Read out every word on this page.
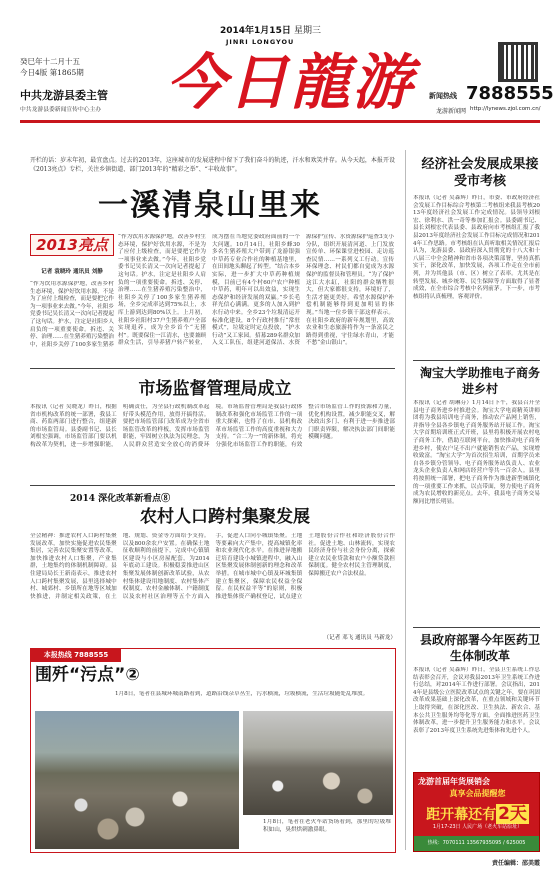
2014年1月15日 星期三
JINRI LONGYOU
癸巳年十二月十五
今日4版 第1865期
中共龙游县委主管
中共龙游县委新闻宣传中心主办	今日龍游	新闻热线 7888555
龙游新闻网 http://lynews.zjol.com.cn/
开栏的话：岁末年初，最宜盘点。过去的2013年，这座城市的发展进程中留下了我们奋斗的轨迹，汗水和欢笑并存。从今天起，本报开设《2013亮点》专栏，关注乡镇街道、部门2013年的“精彩之举”、“丰收故事”。
一溪清泉山里来
2013亮点
记者 袁晓玲 通讯员 刘静
“作为饮用水源保护地，改善乡村生态环境，保护好饮用水源，不是为了应付上级检查，而是要把它作为一项事业来去做。”今年，社阳乡党委书记吴长清又一次向记者提起了这句话。护水，注定是社阳乡人肩负的一项重要使命。拆违、关停、治理……在生猪养殖污染整治中，社阳乡关停了100多家生猪养
“作为饮用水源保护地，改善乡村生态环境，保护好饮用水源，不是为了应付上级检查，而是要把它作为一项事业来去做。”今年，社阳乡党委书记吴长清又一次向记者提起了这句话。护水，注定是社阳乡人肩负的一项重要使命。拆违、关停、治理……在生猪养殖污染整治中，社阳乡关停了100多家生猪养殖场，全乡完成率达到75%以上，水库上游到达到80%以上。上月初，社阳乡社阳村37户生猪养殖户全部实现退养，成为全乡首个“无猪村”。既要保住一江清水，也要兼顾群众生活，引导养猪户转产转业，成为摆在当地党委政府面前的一个大问题。10月14日，社阳乡蜂30多名生猪养殖大户带到了龙游银强中草药专业合作社的种植基地里，在田间地头聊起了转型。“结合本乡实际，进一步扩大中草药种植规模，目前已有4个村60户农户种植中草药，明年可以出效益，实现生态保护和经济发展的双赢。”乡长毛祥光信心满满。更多的人加入到护水行动中来。全乡23个垃圾清运开标准化建设，8个行政村推行“常驻模式”，垃圾定时定点投放，“护水行动”又工家园。招募289名群众加入义工队伍，组建河道保洁、水资源保护宣传、水资源保护巡查3支小分队，组织开展清河道、上门发放宣传单、环保课堂进校园、走访巡查民情……一系列义工行动。宣传环保理念、村民们都自觉成为水源保护的监督员和管理员。“为了保护这江大水缸，社阳的群众牺牲很大，但大家都很支持，环境好了，生活才能更美好。希望水源保护补偿机制能够得到更加明显的体现。”当地一位乡镇干部这样表示。在社阳乡政府的新年规划里，高效农业和生态旅游将作为一条富民之路得到重视，守住绿水青山，才能不愁“金山银山”。
市场监督管理局成立
本报讯（记者 吴晓龙）昨日，根据省市机构改革的统一部署，我县工商、药监两部门进行整合，组建新的市场监管局。县委副书记、县长刘根宏强调，市场监管部门要以机构改革为契机，进一步增强职能，明确责任，为全县行政机制改革起好带头模范作用，放得开搞得活。要把市场监管部门改革成为全省市场监管改革的样板，发挥市场监管职能，牢固树立执法为民理念，为人民群众营造安全放心的消费环境。市场监督管理局是我县行政体制改革和强化市场监管工作的一项重大探索，也得了在市、县机构改革市场监管工作的高度重视和大力支持。“合二为一”的新体制，将充分强化市场监管工作的职能，有效整合市场监管工作的资源和力量，优化机构设置，减少职能交叉，解决政出多门、有利于进一步推进部门职责界限，解决执法部门间职能模糊问题。
2014 深化改革新看点⑧
农村人口跨村集聚发展
全会精神：推进农村人口跨村集聚发展改革，加快实施促进农民集聚集居，完善农民集聚安置等改革，加快推进农村人口集聚，产业集群，土地集约的体制机制障碍。县住建局局长王新南表示，推进农村人口跨村集聚发展，县里选择城中村、城郊村、乡镇所在地等区域加快推进，并制定相关政策，在土地、规划、资金等方面给予支持。以及800余农户安置。在确保土地征收顺利的前提下，完成中心镇镇区建设与小区房屋配套，为2014年底动工建设。积极稳妥推进山区集聚发展体制创新改革试验，从农村集体建设用地制度、农村集体产权制度、农村金融体制、户籍制度以及农村社区治理等五个方面入手，促进人口向小城镇集聚。土地等要素向大产集中，提高城镇化率和农业现代化水平。在推进异地搬迁培育建设小城镇进程中，融入山区集聚发展体制创新的理念和改革举措。在城市城中心镇及环城集镇建立集聚区，保障农民权益全保留。在民权益平等“的原则，积极推进集体资产确权登记，试点建立土地股份合作社和经济股份合作社。促进土地、山林流转，实现农民经济身份与社会身份分离，探索建立农民业贷款和农户小额贷款担保制度。健全农村民主管理制度，保障搬迁农户合法权益。
（记者 邓飞 通讯员 马新龙）
本报热线 7888555
围歼“污点”②
1月8日，笔者在县城环城南路看到，道路沿线杂草丛生，污水横流，垃圾横流，生活垃圾随处乱堆放。
1月8日，笔者在老火车站货场看到，那里的垃圾堆积如山，臭烘烘刺激鼻眼。
经济社会发展成果接受市考核
本报讯（记者 吴森辉）昨日，市委、市政府经济社会发展工作目标综合考核第二考核组来我县考核2013年度经济社会发展工作完成情况。县领导刘根宏、徐利水、洪一奇等参加汇报会。县委副书记、县长刘根宏代表县委、县政府向市考核组汇报了我县2013年度经济社会发展工作目标完成情况和2014年工作思路。市考核组在认真听取相关情况汇报后认为，龙游县委、县政府深入贯彻党的十八大和十八届三中全会精神和省市各项决策部署，坚持真抓实干，深化改革，加快发展，各项工作走在全市前列，并为其他县（市、区）树立了表率。尤其是在转型发展、城乡统筹、民生保障等方面取得了显著成效，在全市综合考核中名列前茅。下一步，市考核组将认真梳理，客观评价。
淘宝大学助推电子商务进乡村
本报讯（记者 胡琳芬）1月14日下午，我县召开全县电子商务进乡村推进会。淘宝大学电商精英讲师团将为我县培训电子商务，推动农产品网上销售，并指导全县各乡镇电子商务服务站开展工作。淘宝大学首期培训班正式开班，县里将积极开展农村电子商务工作，借助互联网平台，加快推动电子商务进乡村，使农户足不出户就能销售农产品，实现增收致富。“淘宝大学”为首次招生培训，首期学员来自各乡镇分管领导、电子商务服务站负责人、农业龙头企业负责人和网店经营户等共一百余人。县里将按照统一部署，把电子商务作为推进新型城镇化的一项重要工作来抓，以点带面，努力使电子商务成为农民增收的新亮点。去年，我县电子商务交易额同比增长明显。
县政府部署今年医药卫生体制改革
本报讯（记者 吴森辉）昨日，全县卫生系统工作总结表彰会召开，会议对我县2013年卫生系统工作进行总结，对2014年工作进行部署。会议指出，2014年是县级公立医院改革试点的关键之年，要在巩固改革成果基础上深化改革，在重点领域和关键环节上取得突破，在深化医改、卫生执法、新农合、基本公共卫生服务均等化等方面，全面推进医药卫生体制改革，进一步提升卫生服务能力和水平。会议表彰了2013年度卫生系统先进集体和先进个人。
龙游首届年货展销会
真享会品提醒您
距开幕还有 2天
1月17-23日 人民广场（老火车站原址）
热线：7070111 13567935095 / 625005
责任编辑：邵美霞
